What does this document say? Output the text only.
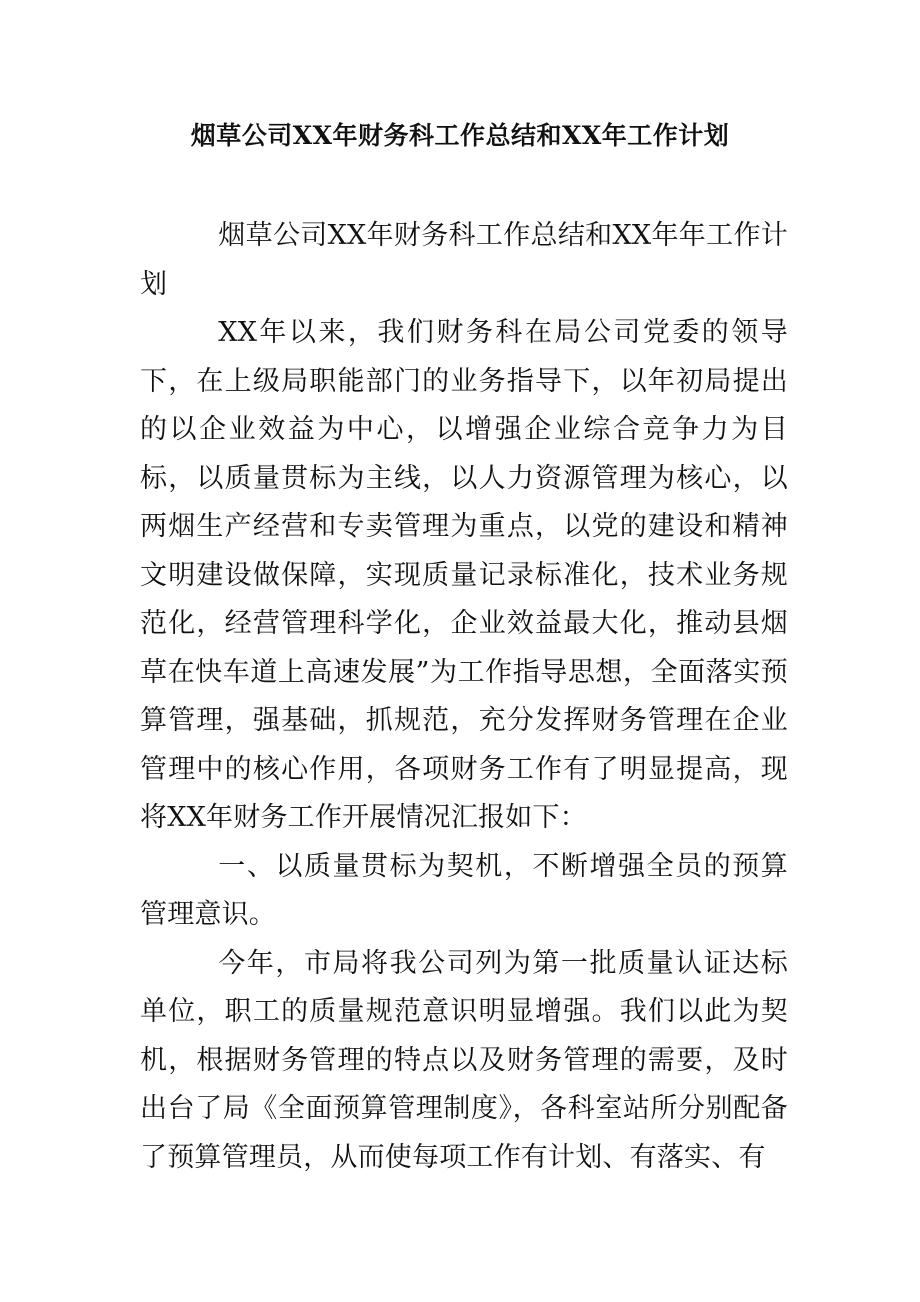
烟草公司XX年财务科工作总结和XX年工作计划

烟草公司XX年财务科工作总结和XX年年工作计划

XX年以来，我们财务科在局公司党委的领导下，在上级局职能部门的业务指导下，以年初局提出的以企业效益为中心，以增强企业综合竞争力为目标，以质量贯标为主线，以人力资源管理为核心，以两烟生产经营和专卖管理为重点，以党的建设和精神文明建设做保障，实现质量记录标准化，技术业务规范化，经营管理科学化，企业效益最大化，推动县烟草在快车道上高速发展”为工作指导思想，全面落实预算管理，强基础，抓规范，充分发挥财务管理在企业管理中的核心作用，各项财务工作有了明显提高，现将XX年财务工作开展情况汇报如下：

一、以质量贯标为契机，不断增强全员的预算管理意识。

今年，市局将我公司列为第一批质量认证达标单位，职工的质量规范意识明显增强。我们以此为契机，根据财务管理的特点以及财务管理的需要，及时出台了局《全面预算管理制度》，各科室站所分别配备了预算管理员，从而使每项工作有计划、有落实、有
